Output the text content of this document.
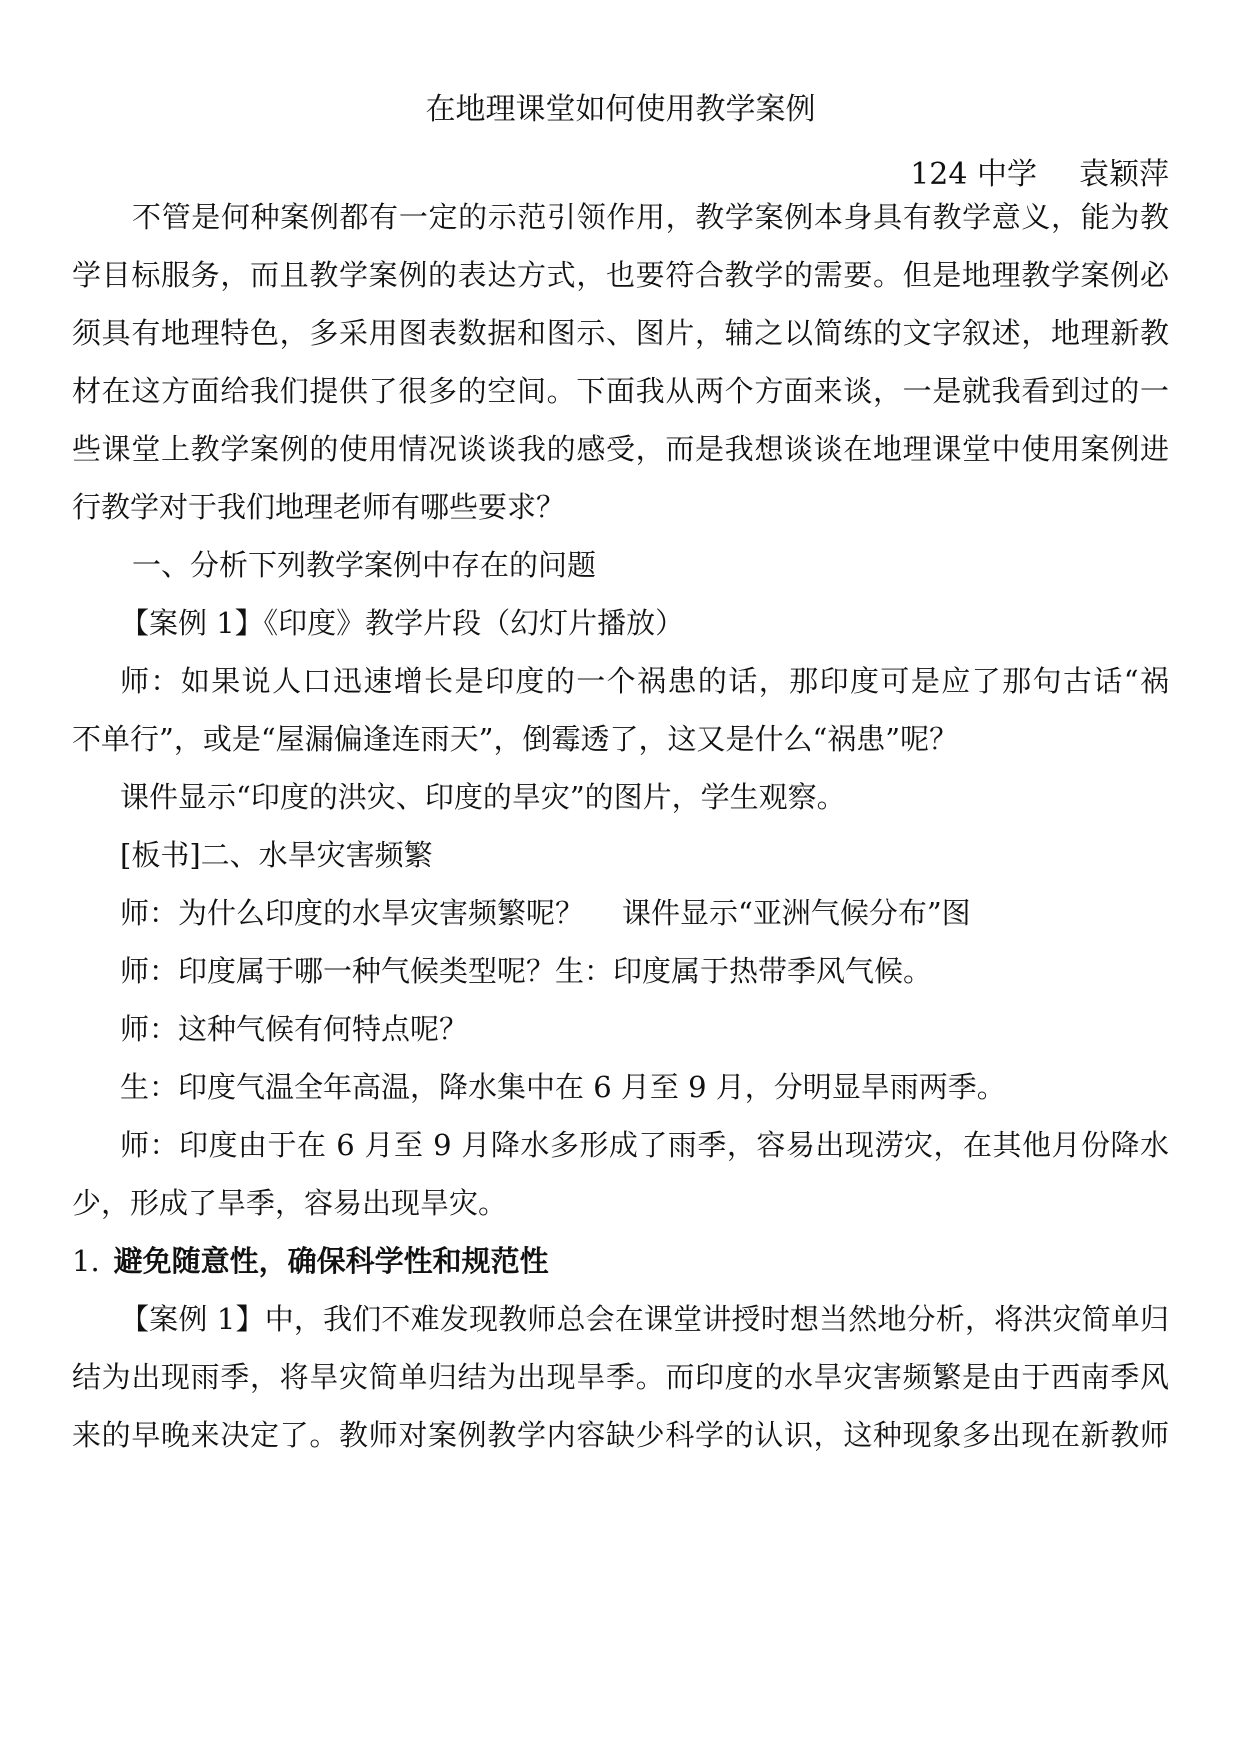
在地理课堂如何使用教学案例
124 中学 袁颖萍
不管是何种案例都有一定的示范引领作用，教学案例本身具有教学意义，能为教
学目标服务，而且教学案例的表达方式，也要符合教学的需要。但是地理教学案例必
须具有地理特色，多采用图表数据和图示、图片，辅之以简练的文字叙述，地理新教
材在这方面给我们提供了很多的空间。下面我从两个方面来谈，一是就我看到过的一
些课堂上教学案例的使用情况谈谈我的感受，而是我想谈谈在地理课堂中使用案例进
行教学对于我们地理老师有哪些要求？
一、分析下列教学案例中存在的问题
【案例 1】《印度》教学片段（幻灯片播放）
师：如果说人口迅速增长是印度的一个祸患的话，那印度可是应了那句古话“祸
不单行”，或是“屋漏偏逢连雨天”，倒霉透了，这又是什么“祸患”呢？
课件显示“印度的洪灾、印度的旱灾”的图片，学生观察。
[板书]二、水旱灾害频繁
师：为什么印度的水旱灾害频繁呢？ 课件显示“亚洲气候分布”图
师：印度属于哪一种气候类型呢？生：印度属于热带季风气候。
师：这种气候有何特点呢？
生：印度气温全年高温，降水集中在 6 月至 9 月，分明显旱雨两季。
师：印度由于在 6 月至 9 月降水多形成了雨季，容易出现涝灾，在其他月份降水
少，形成了旱季，容易出现旱灾。
1. 避免随意性，确保科学性和规范性
【案例 1】中，我们不难发现教师总会在课堂讲授时想当然地分析，将洪灾简单归
结为出现雨季，将旱灾简单归结为出现旱季。而印度的水旱灾害频繁是由于西南季风
来的早晚来决定了。教师对案例教学内容缺少科学的认识，这种现象多出现在新教师
